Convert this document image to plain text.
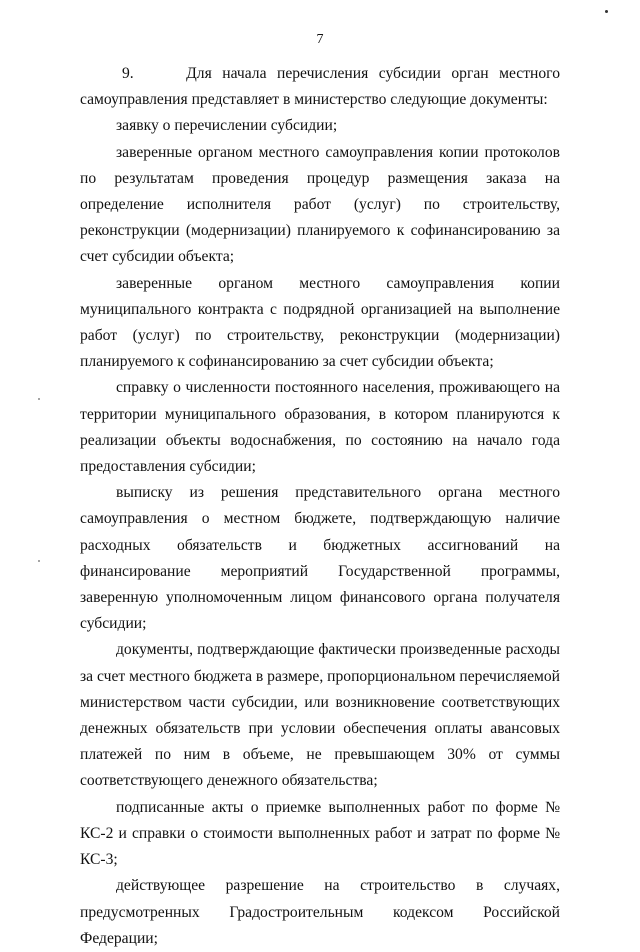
7

9.     Для начала перечисления субсидии орган местного самоуправления представляет в министерство следующие документы:

заявку о перечислении субсидии;

заверенные органом местного самоуправления копии протоколов по результатам проведения процедур размещения заказа на определение исполнителя работ (услуг) по строительству, реконструкции (модернизации) планируемого к софинансированию за счет субсидии объекта;

заверенные органом местного самоуправления копии муниципального контракта с подрядной организацией на выполнение работ (услуг) по строительству, реконструкции (модернизации) планируемого к софинансированию за счет субсидии объекта;

справку о численности постоянного населения, проживающего на территории муниципального образования, в котором планируются к реализации объекты водоснабжения, по состоянию на начало года предоставления субсидии;

выписку из решения представительного органа местного самоуправления о местном бюджете, подтверждающую наличие расходных обязательств и бюджетных ассигнований на финансирование мероприятий Государственной программы, заверенную уполномоченным лицом финансового органа получателя субсидии;

документы, подтверждающие фактически произведенные расходы за счет местного бюджета в размере, пропорциональном перечисляемой министерством части субсидии, или возникновение соответствующих денежных обязательств при условии обеспечения оплаты авансовых платежей по ним в объеме, не превышающем 30% от суммы соответствующего денежного обязательства;

подписанные акты о приемке выполненных работ по форме № КС-2 и справки о стоимости выполненных работ и затрат по форме № КС-3;

действующее разрешение на строительство в случаях, предусмотренных Градостроительным кодексом Российской Федерации;
